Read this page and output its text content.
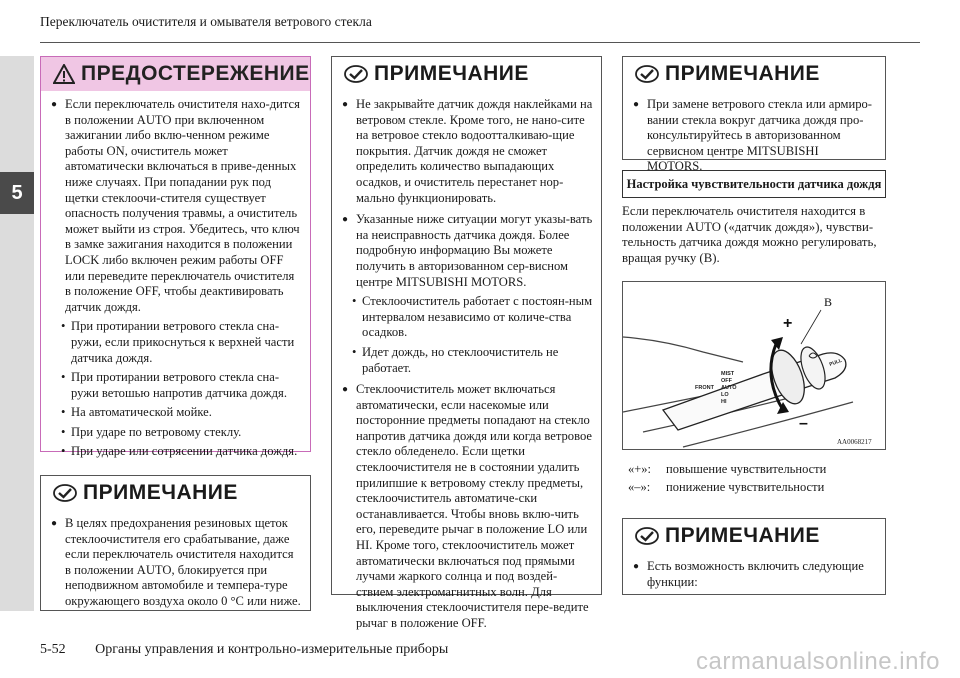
Переключатель очистителя и омывателя ветрового стекла
5
ПРЕДОСТЕРЕЖЕНИЕ
● Если переключатель очистителя нахо-дится в положении AUTO при включенном зажигании либо вклю-ченном режиме работы ON, очиститель может автоматически включаться в приве-денных ниже случаях. При попадании рук под щетки стеклоочи-стителя существует опасность получения травмы, а очиститель может выйти из строя. Убедитесь, что ключ в замке зажигания находится в положении LOCK либо включен режим работы OFF или переведите переключатель очистителя в положение OFF, чтобы деактивировать датчик дождя.
• При протирании ветрового стекла сна-ружи, если прикоснуться к верхней части датчика дождя.
• При протирании ветрового стекла сна-ружи ветошью напротив датчика дождя.
• На автоматической мойке.
• При ударе по ветровому стеклу.
• При ударе или сотрясении датчика дождя.
ПРИМЕЧАНИЕ
● В целях предохранения резиновых щеток стеклоочистителя его срабатывание, даже если переключатель очистителя находится в положении AUTO, блокируется при неподвижном автомобиле и темпера-туре окружающего воздуха около 0 °C или ниже.
ПРИМЕЧАНИЕ
● Не закрывайте датчик дождя наклейками на ветровом стекле. Кроме того, не нано-сите на ветровое стекло водоотталкиваю-щие покрытия. Датчик дождя не сможет определить количество выпадающих осадков, и очиститель перестанет нор-мально функционировать.
● Указанные ниже ситуации могут указы-вать на неисправность датчика дождя. Более подробную информацию Вы можете получить в авторизованном сер-висном центре MITSUBISHI MOTORS.
• Стеклоочиститель работает с постоян-ным интервалом независимо от количе-ства осадков.
• Идет дождь, но стеклоочиститель не работает.
● Стеклоочиститель может включаться автоматически, если насекомые или посторонние предметы попадают на стекло напротив датчика дождя или когда ветровое стекло обледенело. Если щетки стеклоочистителя не в состоянии удалить прилипшие к ветровому стеклу предметы, стеклоочиститель автоматиче-ски останавливается. Чтобы вновь вклю-чить его, переведите рычаг в положение LO или HI. Кроме того, стеклоочиститель может автоматически включаться под прямыми лучами жаркого солнца и под воздей-ствием электромагнитных волн. Для выключения стеклоочистителя пере-ведите рычаг в положение OFF.
ПРИМЕЧАНИЕ
● При замене ветрового стекла или армиро-вании стекла вокруг датчика дождя про-консультируйтесь в авторизованном сервисном центре MITSUBISHI MOTORS.
Настройка чувствительности датчика дождя
Если переключатель очистителя находится в положении AUTO («датчик дождя»), чувстви-тельность датчика дождя можно регулировать, вращая ручку (B).
B
+
–
MIST
OFF
AUTO
LO
HI
FRONT
PULL
AA0068217
«+»: повышение чувствительности
«–»: понижение чувствительности
ПРИМЕЧАНИЕ
● Есть возможность включить следующие функции:
5-52 Органы управления и контрольно-измерительные приборы	carmanualsonline.info
